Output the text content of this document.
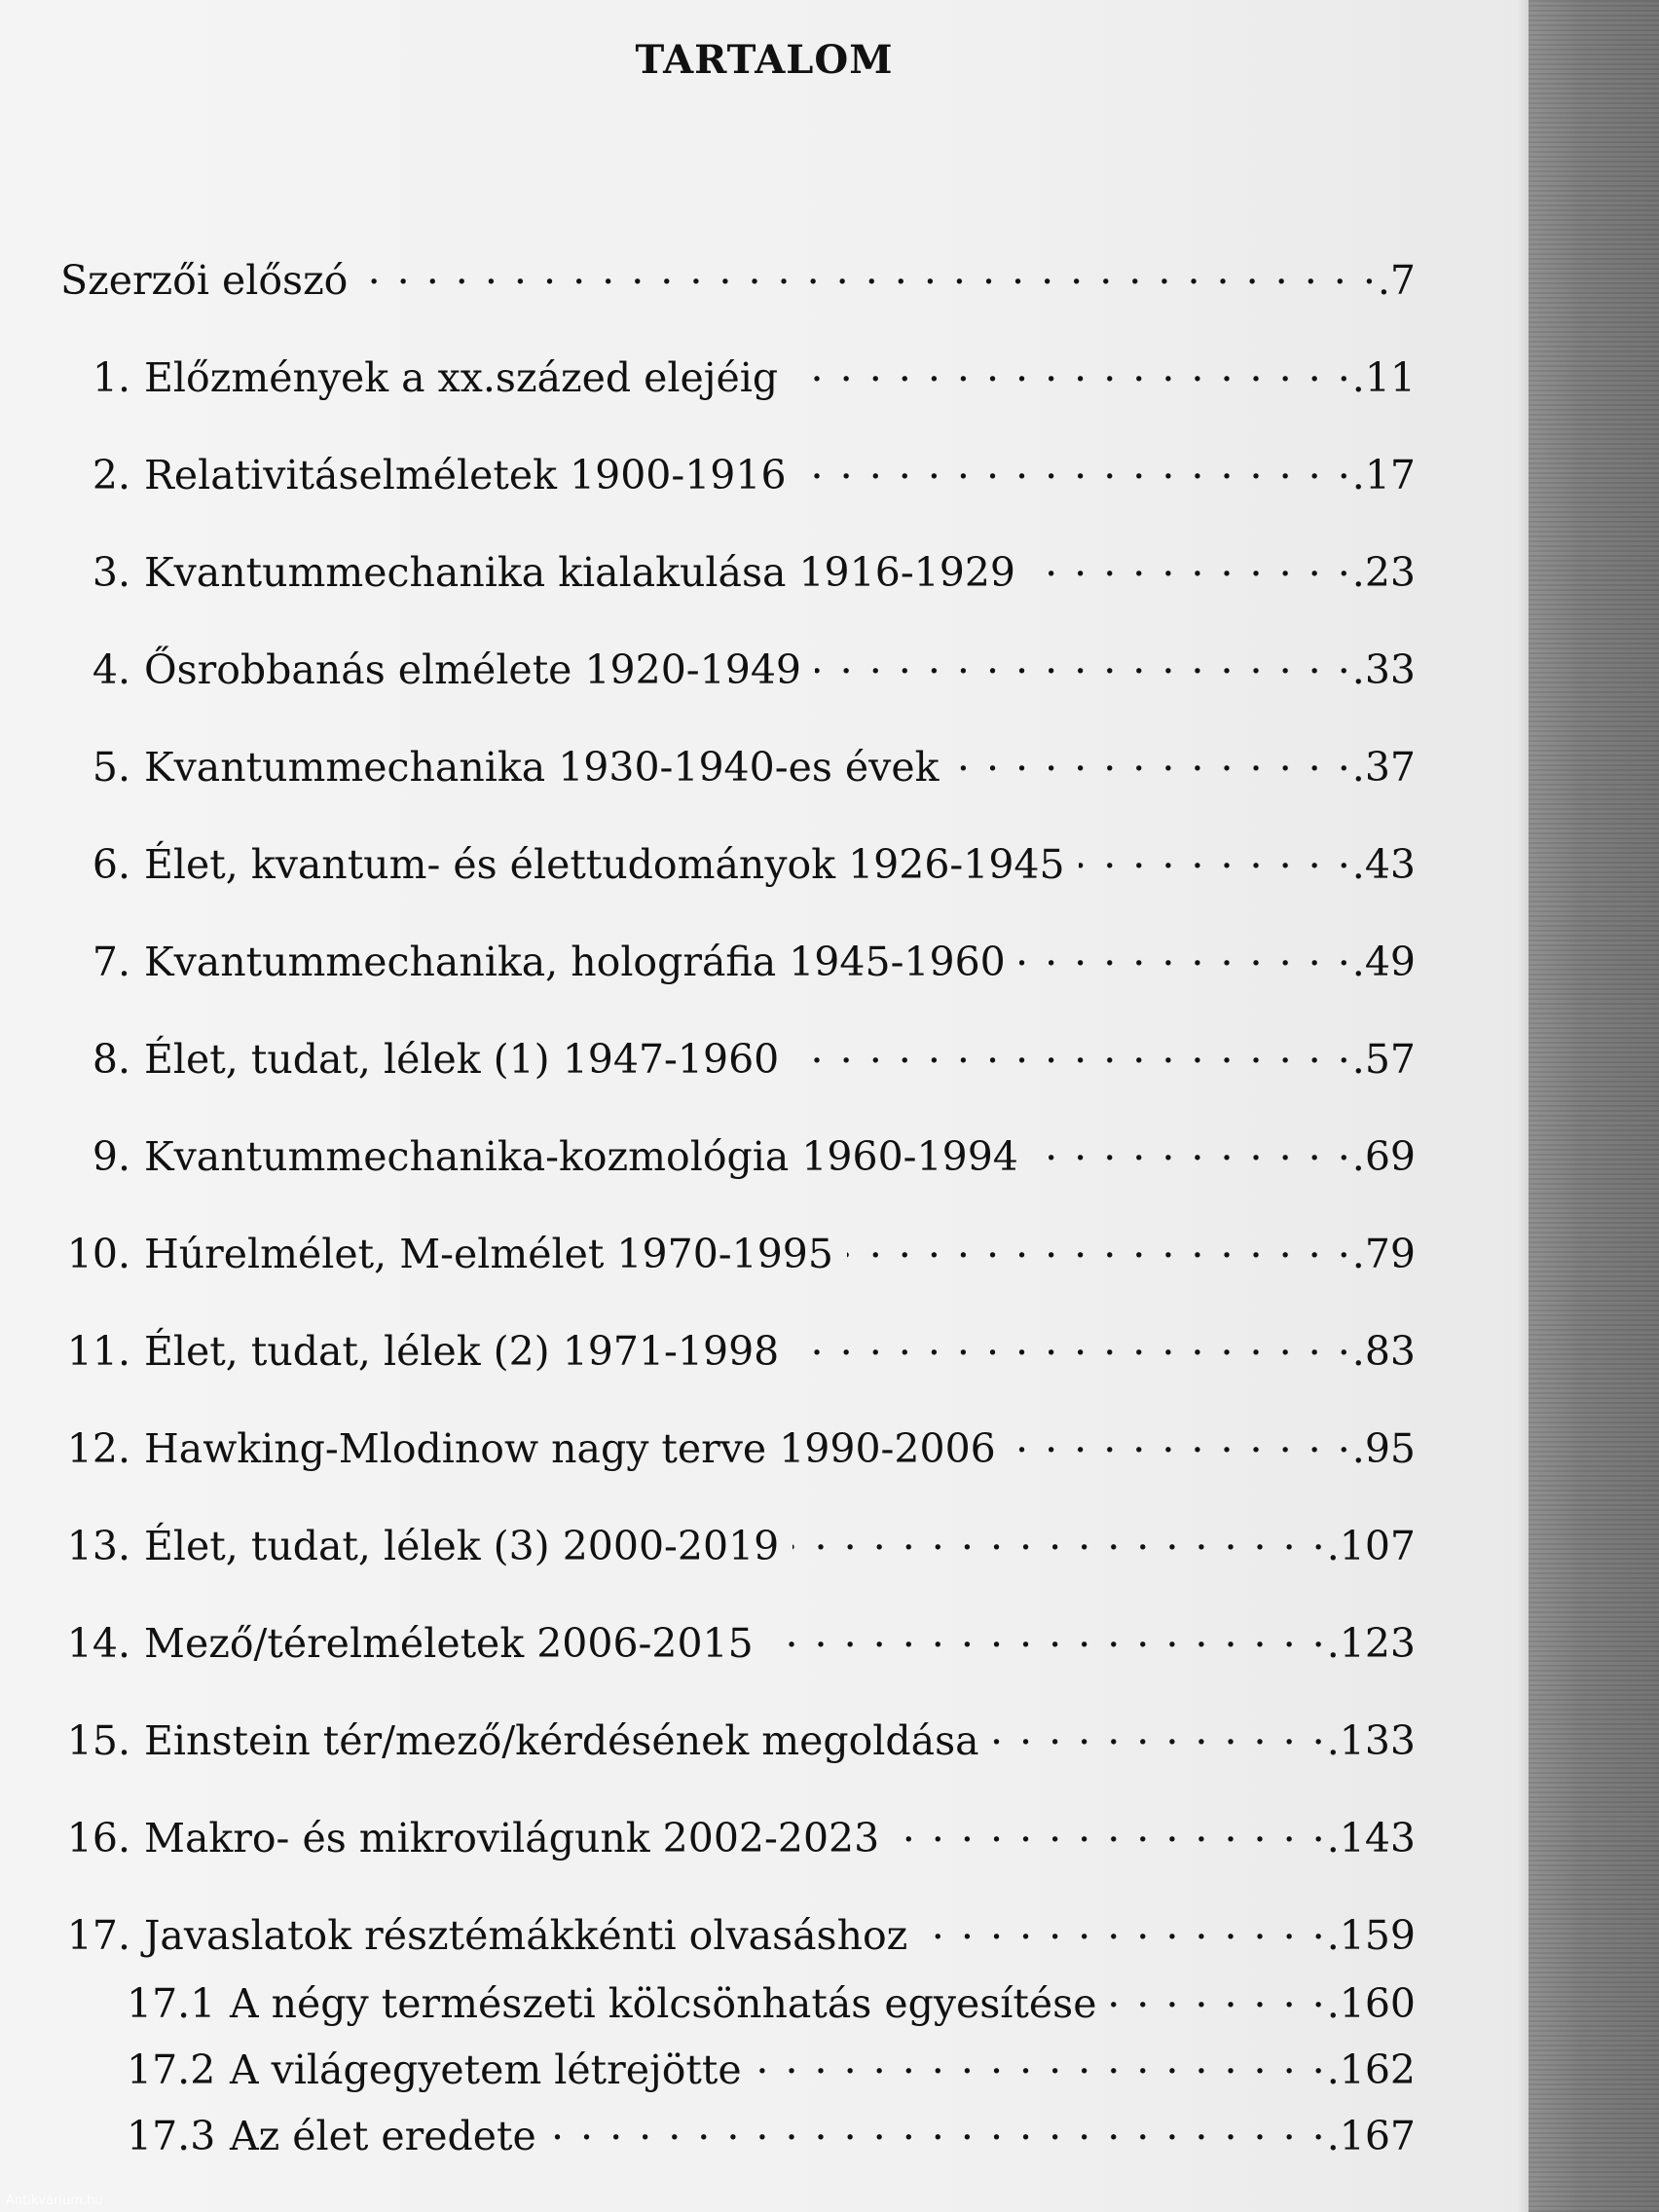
TARTALOM
Szerzői előszó . . .	.7
1. Előzmények a xx.százed elejéig . . .	.11
2. Relativitáselméletek 1900-1916 . . .	.17
3. Kvantummechanika kialakulása 1916-1929 . . .	.23
4. Ősrobbanás elmélete 1920-1949 . . .	.33
5. Kvantummechanika 1930-1940-es évek . . .	.37
6. Élet, kvantum- és élettudományok 1926-1945 . . .	.43
7. Kvantummechanika, holográfia 1945-1960 . . .	.49
8. Élet, tudat, lélek (1) 1947-1960 . . .	.57
9. Kvantummechanika-kozmológia 1960-1994 . . .	.69
10. Húrelmélet, M-elmélet 1970-1995 . . .	.79
11. Élet, tudat, lélek (2) 1971-1998 . . .	.83
12. Hawking-Mlodinow nagy terve 1990-2006 . . .	.95
13. Élet, tudat, lélek (3) 2000-2019 . . .	.107
14. Mező/térelméletek 2006-2015 . . .	.123
15. Einstein tér/mező/kérdésének megoldása . . .	.133
16. Makro- és mikrovilágunk 2002-2023 . . .	.143
17. Javaslatok résztémákkénti olvasáshoz . . .	.159
17.1 A négy természeti kölcsönhatás egyesítése . . .	.160
17.2 A világegyetem létrejötte . . .	.162
17.3 Az élet eredete . . .	.167
Antikvárium.hu
